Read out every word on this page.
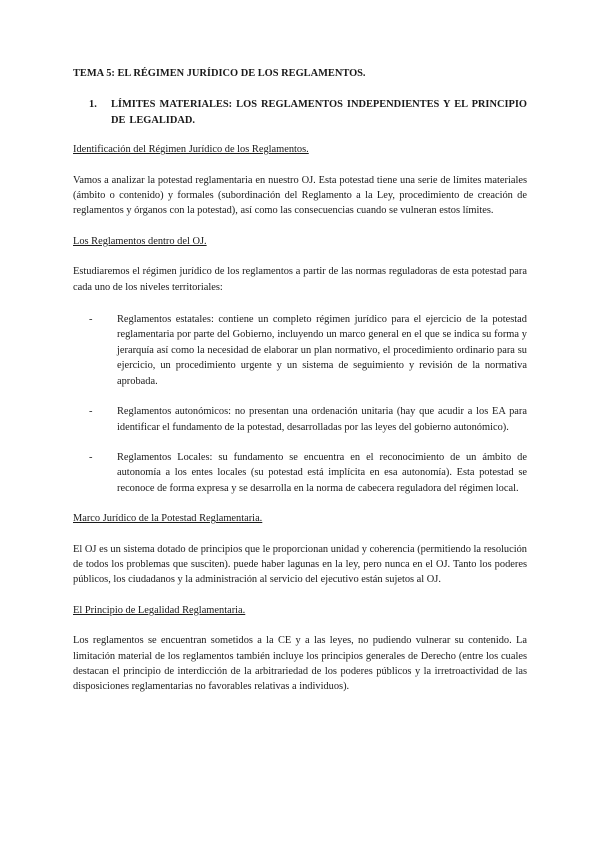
TEMA 5: EL RÉGIMEN JURÍDICO DE LOS REGLAMENTOS.
1.	LÍMITES MATERIALES: LOS REGLAMENTOS INDEPENDIENTES Y EL PRINCIPIO DE LEGALIDAD.
Identificación del Régimen Jurídico de los Reglamentos.
Vamos a analizar la potestad reglamentaria en nuestro OJ. Esta potestad tiene una serie de límites materiales (ámbito o contenido) y formales (subordinación del Reglamento a la Ley, procedimiento de creación de reglamentos y órganos con la potestad), así como las consecuencias cuando se vulneran estos límites.
Los Reglamentos dentro del OJ.
Estudiaremos el régimen jurídico de los reglamentos a partir de las normas reguladoras de esta potestad para cada uno de los niveles territoriales:
-	Reglamentos estatales: contiene un completo régimen jurídico para el ejercicio de la potestad reglamentaria por parte del Gobierno, incluyendo un marco general en el que se indica su forma y jerarquía así como la necesidad de elaborar un plan normativo, el procedimiento ordinario para su ejercicio, un procedimiento urgente y un sistema de seguimiento y revisión de la normativa aprobada.
-	Reglamentos autonómicos: no presentan una ordenación unitaria (hay que acudir a los EA para identificar el fundamento de la potestad, desarrolladas por las leyes del gobierno autonómico).
-	Reglamentos Locales: su fundamento se encuentra en el reconocimiento de un ámbito de autonomía a los entes locales (su potestad está implícita en esa autonomía). Esta potestad se reconoce de forma expresa y se desarrolla en la norma de cabecera reguladora del régimen local.
Marco Jurídico de la Potestad Reglamentaria.
El OJ es un sistema dotado de principios que le proporcionan unidad y coherencia (permitiendo la resolución de todos los problemas que susciten). puede haber lagunas en la ley, pero nunca en el OJ. Tanto los poderes públicos, los ciudadanos y la administración al servicio del ejecutivo están sujetos al OJ.
El Principio de Legalidad Reglamentaria.
Los reglamentos se encuentran sometidos a la CE y a las leyes, no pudiendo vulnerar su contenido. La limitación material de los reglamentos también incluye los principios generales de Derecho (entre los cuales destacan el principio de interdicción de la arbitrariedad de los poderes públicos y la irretroactividad de las disposiciones reglamentarias no favorables relativas a individuos).
